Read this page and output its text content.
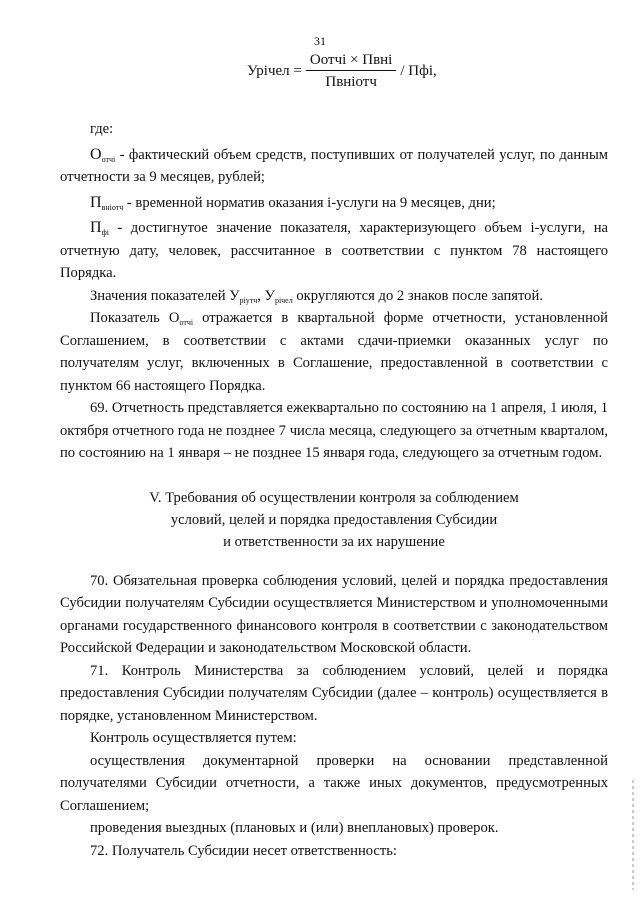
31
Урiчел = $\frac{\text{Оотчi × Пвнi}}{\text{Пвнiотч}}$ / Пфi,

где:

$О_{отчi}$ - фактический объем средств, поступивших от получателей услуг, по данным отчетности за 9 месяцев, рублей;

$П_{внiотч}$ - временной норматив оказания i-услуги на 9 месяцев, дни;

$П_{фi}$ - достигнутое значение показателя, характеризующего объем i-услуги, на отчетную дату, человек, рассчитанное в соответствии с пунктом 78 настоящего Порядка.

Значения показателей $У_{рiутч}$, $У_{рiчел}$ округляются до 2 знаков после запятой.

Показатель $О_{отчi}$ отражается в квартальной форме отчетности, установленной Соглашением, в соответствии с актами сдачи-приемки оказанных услуг по получателям услуг, включенных в Соглашение, предоставленной в соответствии с пунктом 66 настоящего Порядка.

69. Отчетность представляется ежеквартально по состоянию на 1 апреля, 1 июля, 1 октября отчетного года не позднее 7 числа месяца, следующего за отчетным кварталом, по состоянию на 1 января – не позднее 15 января года, следующего за отчетным годом.

V. Требования об осуществлении контроля за соблюдением
условий, целей и порядка предоставления Субсидии
и ответственности за их нарушение

70. Обязательная проверка соблюдения условий, целей и порядка предоставления Субсидии получателям Субсидии осуществляется Министерством и уполномоченными органами государственного финансового контроля в соответствии с законодательством Российской Федерации и законодательством Московской области.

71. Контроль Министерства за соблюдением условий, целей и порядка предоставления Субсидии получателям Субсидии (далее – контроль) осуществляется в порядке, установленном Министерством.

Контроль осуществляется путем:

осуществления документарной проверки на основании представленной получателями Субсидии отчетности, а также иных документов, предусмотренных Соглашением;

проведения выездных (плановых и (или) внеплановых) проверок.

72. Получатель Субсидии несет ответственность:
